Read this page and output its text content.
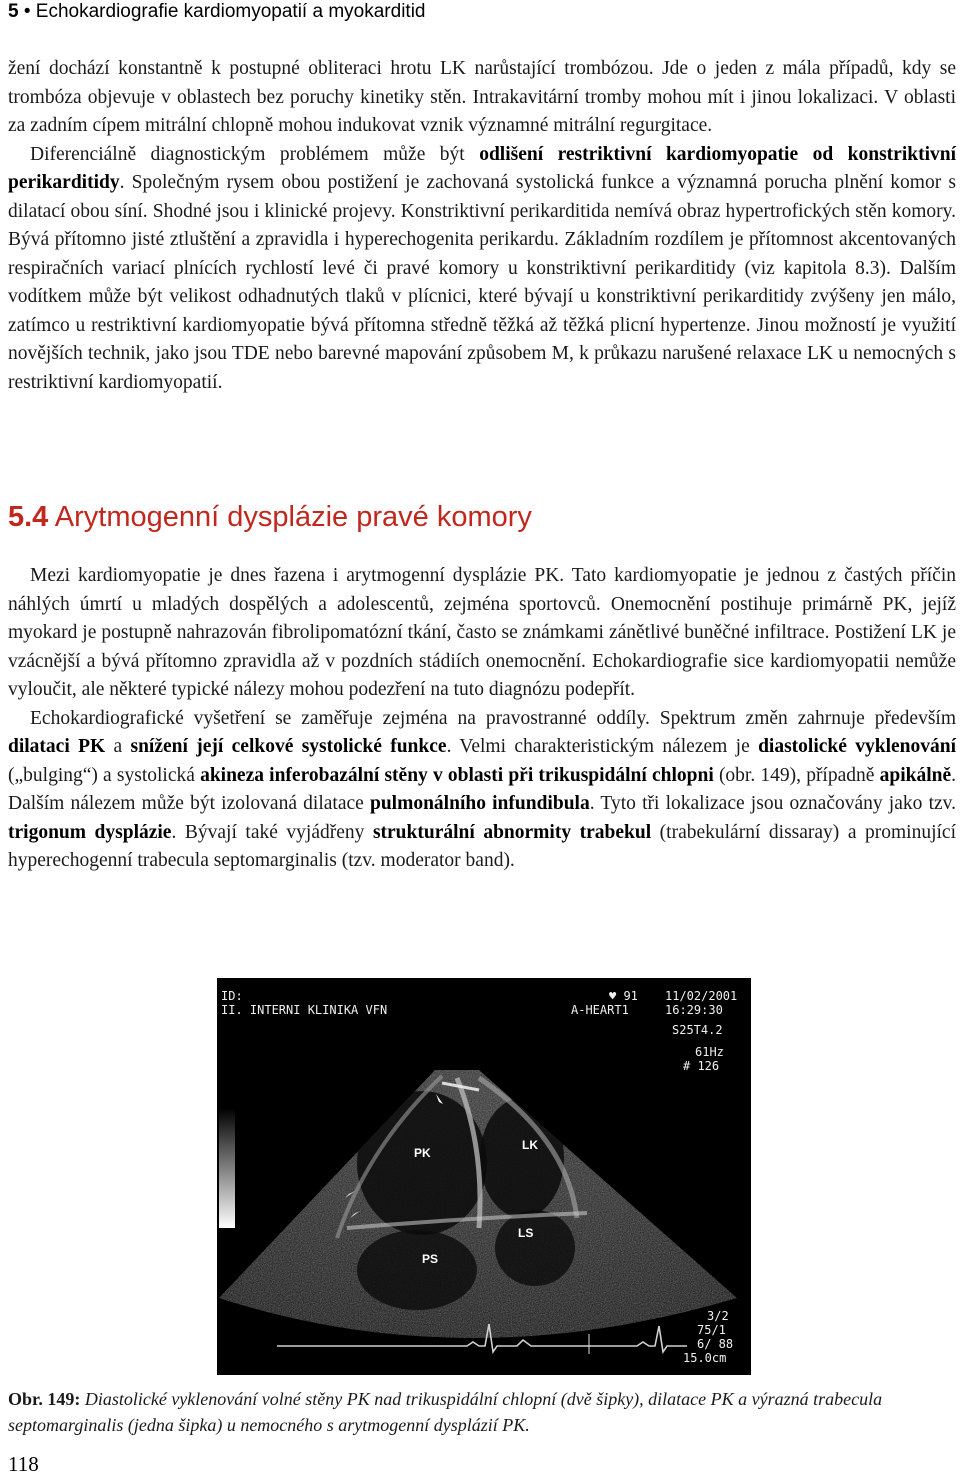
5 • Echokardiografie kardiomyopatií a myokarditid

žení dochází konstantně k postupné obliteraci hrotu LK narůstající trombózou. Jde o jeden z mála případů, kdy se trombóza objevuje v oblastech bez poruchy kinetiky stěn. Intrakavitární tromby mohou mít i jinou lokalizaci. V oblasti za zadním cípem mitrální chlopně mohou indukovat vznik významné mitrální regurgitace.

Diferenciálně diagnostickým problémem může být odlišení restriktivní kardiomyopatie od konstriktivní perikarditidy. Společným rysem obou postižení je zachovaná systolická funkce a významná porucha plnění komor s dilatací obou síní. Shodné jsou i klinické projevy. Konstriktivní perikarditida nemívá obraz hypertrofických stěn komory. Bývá přítomno jisté ztluštění a zpravidla i hyperechogenita perikardu. Základním rozdílem je přítomnost akcentovaných respiračních variací plnících rychlostí levé či pravé komory u konstriktivní perikarditidy (viz kapitola 8.3). Dalším vodítkem může být velikost odhadnutých tlaků v plícnici, které bývají u konstriktivní perikarditidy zvýšeny jen málo, zatímco u restriktivní kardiomyopatie bývá přítomna středně těžká až těžká plicní hypertenze. Jinou možností je využití novějších technik, jako jsou TDE nebo barevné mapování způsobem M, k průkazu narušené relaxace LK u nemocných s restriktivní kardiomyopatií.

5.4 Arytmogenní dysplázie pravé komory

Mezi kardiomyopatie je dnes řazena i arytmogenní dysplázie PK. Tato kardiomyopatie je jednou z častých příčin náhlých úmrtí u mladých dospělých a adolescentů, zejména sportovců. Onemocnění postihuje primárně PK, jejíž myokard je postupně nahrazován fibrolipomatózní tkání, často se známkami zánětlivé buněčné infiltrace. Postižení LK je vzácnější a bývá přítomno zpravidla až v pozdních stádiích onemocnění. Echokardiografie sice kardiomyopatii nemůže vyloučit, ale některé typické nálezy mohou podezření na tuto diagnózu podepřít.

Echokardiografické vyšetření se zaměřuje zejména na pravostranné oddíly. Spektrum změn zahrnuje především dilataci PK a snížení její celkové systolické funkce. Velmi charakteristickým nálezem je diastolické vyklenování („bulging“) a systolická akineza inferobazální stěny v oblasti při trikuspidální chlopni (obr. 149), případně apikálně. Dalším nálezem může být izolovaná dilatace pulmonálního infundibula. Tyto tři lokalizace jsou označovány jako tzv. trigonum dysplázie. Bývají také vyjádřeny strukturální abnormity trabekul (trabekulární dissaray) a prominující hyperechogenní trabecula septomarginalis (tzv. moderator band).

ID:
II. INTERNI KLINIKA VFN
♥ 91 11/02/2001
A-HEART1	16:29:30
S25T4.2
61Hz
# 126
3/2
75/1
6/ 88
15.0cm
PK
LK
LS
PS
Obr. 149: Diastolické vyklenování volné stěny PK nad trikuspidální chlopní (dvě šipky), dilatace PK a výrazná trabecula septomarginalis (jedna šipka) u nemocného s arytmogenní dysplázií PK.
118
